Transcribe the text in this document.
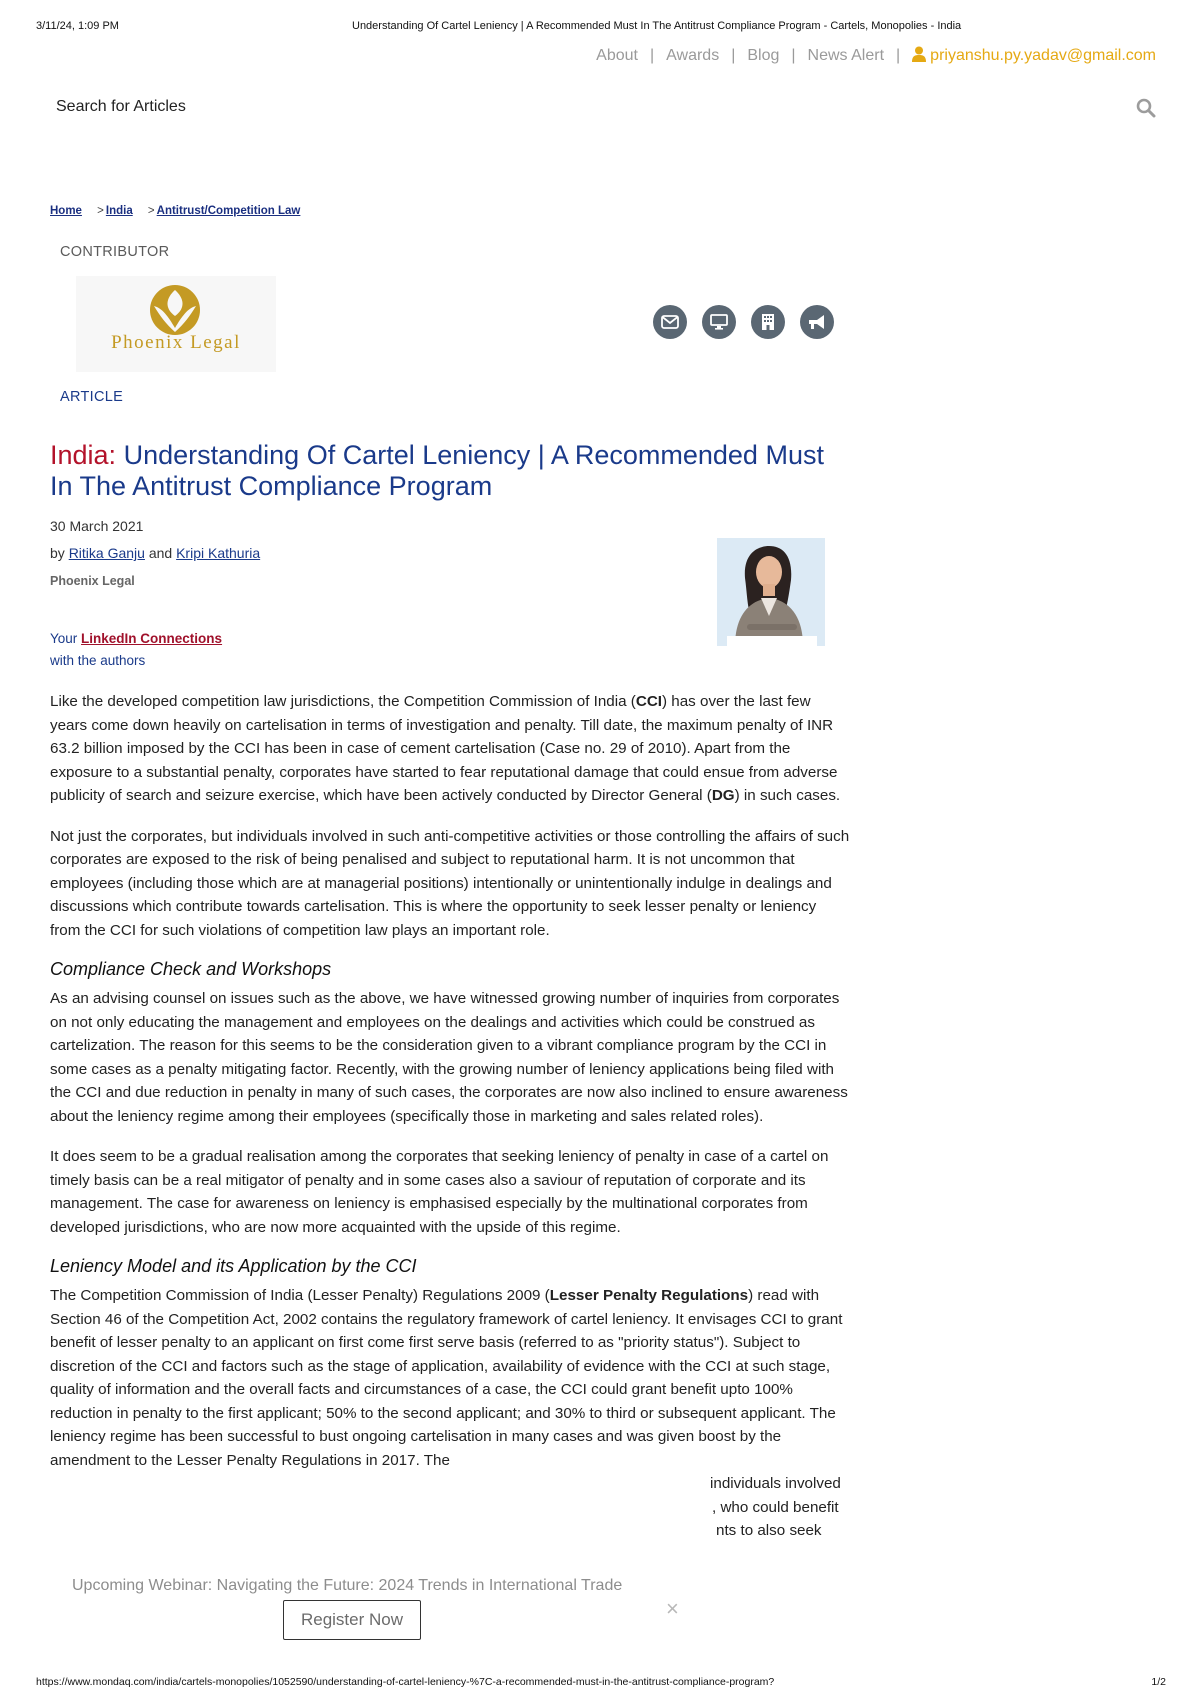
3/11/24, 1:09 PM	Understanding Of Cartel Leniency | A Recommended Must In The Antitrust Compliance Program - Cartels, Monopolies - India
About | Awards | Blog | News Alert | priyanshu.py.yadav@gmail.com
Search for Articles
Home > India > Antitrust/Competition Law
CONTRIBUTOR
Phoenix Legal
ARTICLE
India: Understanding Of Cartel Leniency | A Recommended Must In The Antitrust Compliance Program
30 March 2021
by Ritika Ganju and Kripi Kathuria
Phoenix Legal
Your LinkedIn Connections
with the authors

Like the developed competition law jurisdictions, the Competition Commission of India (CCI) has over the last few years come down heavily on cartelisation in terms of investigation and penalty. Till date, the maximum penalty of INR 63.2 billion imposed by the CCI has been in case of cement cartelisation (Case no. 29 of 2010). Apart from the exposure to a substantial penalty, corporates have started to fear reputational damage that could ensue from adverse publicity of search and seizure exercise, which have been actively conducted by Director General (DG) in such cases.

Not just the corporates, but individuals involved in such anti-competitive activities or those controlling the affairs of such corporates are exposed to the risk of being penalised and subject to reputational harm. It is not uncommon that employees (including those which are at managerial positions) intentionally or unintentionally indulge in dealings and discussions which contribute towards cartelisation. This is where the opportunity to seek lesser penalty or leniency from the CCI for such violations of competition law plays an important role.

Compliance Check and Workshops

As an advising counsel on issues such as the above, we have witnessed growing number of inquiries from corporates on not only educating the management and employees on the dealings and activities which could be construed as cartelization. The reason for this seems to be the consideration given to a vibrant compliance program by the CCI in some cases as a penalty mitigating factor. Recently, with the growing number of leniency applications being filed with the CCI and due reduction in penalty in many of such cases, the corporates are now also inclined to ensure awareness about the leniency regime among their employees (specifically those in marketing and sales related roles).

It does seem to be a gradual realisation among the corporates that seeking leniency of penalty in case of a cartel on timely basis can be a real mitigator of penalty and in some cases also a saviour of reputation of corporate and its management. The case for awareness on leniency is emphasised especially by the multinational corporates from developed jurisdictions, who are now more acquainted with the upside of this regime.

Leniency Model and its Application by the CCI

The Competition Commission of India (Lesser Penalty) Regulations 2009 (Lesser Penalty Regulations) read with Section 46 of the Competition Act, 2002 contains the regulatory framework of cartel leniency. It envisages CCI to grant benefit of lesser penalty to an applicant on first come first serve basis (referred to as "priority status"). Subject to discretion of the CCI and factors such as the stage of application, availability of evidence with the CCI at such stage, quality of information and the overall facts and circumstances of a case, the CCI could grant benefit upto 100% reduction in penalty to the first applicant; 50% to the second applicant; and 30% to third or subsequent applicant. The leniency regime has been successful to bust ongoing cartelisation in many cases and was given boost by the amendment to the Lesser Penalty Regulations in 2017. The
individuals involved
, who could benefit
nts to also seek

Upcoming Webinar: Navigating the Future: 2024 Trends in International Trade
Register Now	×
https://www.mondaq.com/india/cartels-monopolies/1052590/understanding-of-cartel-leniency-%7C-a-recommended-must-in-the-antitrust-compliance-program?	1/2
